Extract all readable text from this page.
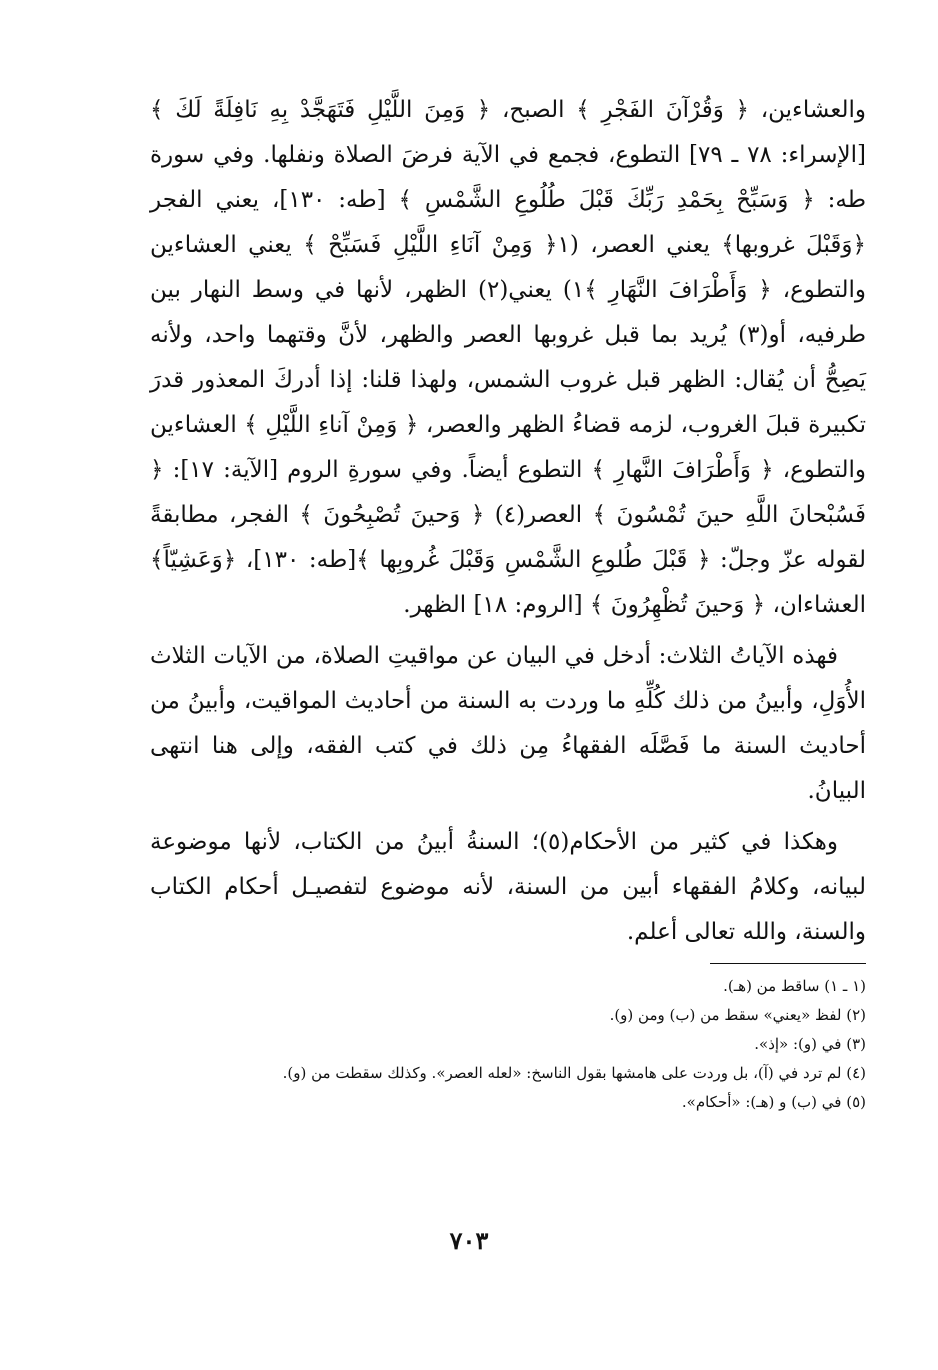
والعشاءين، ﴿ وَقُرْآنَ الفَجْرِ ﴾ الصبح، ﴿ وَمِنَ اللَّيْلِ فَتَهَجَّدْ بِهِ نَافِلَةً لَكَ ﴾ [الإسراء: ٧٨ ـ ٧٩] التطوع، فجمع في الآية فرضَ الصلاة ونفلها. وفي سورة طه: ﴿ وَسَبِّحْ بِحَمْدِ رَبِّكَ قَبْلَ طُلُوعِ الشَّمْسِ ﴾ [طه: ١٣٠]، يعني الفجر ﴿وَقَبْلَ غروبها﴾ يعني العصر، (١﴿ وَمِنْ آنَاءِ اللَّيْلِ فَسَبِّحْ ﴾ يعني العشاءين والتطوع، ﴿ وَأَطْرَافَ النَّهَارِ ﴾١) يعني(٢) الظهر، لأنها في وسط النهار بين طرفيه، أو(٣) يُريد بما قبل غروبها العصر والظهر، لأنَّ وقتهما واحد، ولأنه يَصِحُّ أن يُقال: الظهر قبل غروب الشمس، ولهذا قلنا: إذا أدركَ المعذور قدرَ تكبيرة قبلَ الغروب، لزمه قضاءُ الظهر والعصر، ﴿ وَمِنْ آناءِ اللَّيْلِ ﴾ العشاءين والتطوع، ﴿ وَأَطْرَافَ النَّهارِ ﴾ التطوع أيضاً. وفي سورةِ الروم [الآية: ١٧]: ﴿ فَسُبْحانَ اللَّهِ حينَ تُمْسُونَ ﴾ العصر(٤) ﴿ وَحينَ تُصْبِحُونَ ﴾ الفجر، مطابقةً لقوله عزّ وجلّ: ﴿ قَبْلَ طُلوعِ الشَّمْسِ وَقَبْلَ غُروبِها ﴾[طه: ١٣٠]، ﴿وَعَشِيّاً﴾ العشاءان، ﴿ وَحينَ تُظْهِرُونَ ﴾ [الروم: ١٨] الظهر.

فهذه الآياتُ الثلاث: أدخل في البيان عن مواقيتِ الصلاة، من الآيات الثلاث الأُوَلِ، وأبينُ من ذلك كُلِّهِ ما وردت به السنة من أحاديث المواقيت، وأبينُ من أحاديث السنة ما فَصَّلَه الفقهاءُ مِن ذلك في كتب الفقه، وإلى هنا انتهى البيانُ.

وهكذا في كثير من الأحكام(٥)؛ السنةُ أبينُ من الكتاب، لأنها موضوعة لبيانه، وكلامُ الفقهاء أبين من السنة، لأنه موضوع لتفصيـل أحكام الكتاب والسنة، والله تعالى أعلم.

(١ ـ ١) ساقط من (هـ).

(٢) لفظ «يعني» سقط من (ب) ومن (و).

(٣) في (و): «إذ».

(٤) لم ترد في (آ)، بل وردت على هامشها بقول الناسخ: «لعله العصر». وكذلك سقطت من (و).

(٥) في (ب) و (هـ): «أحكام».

٧٠٣
